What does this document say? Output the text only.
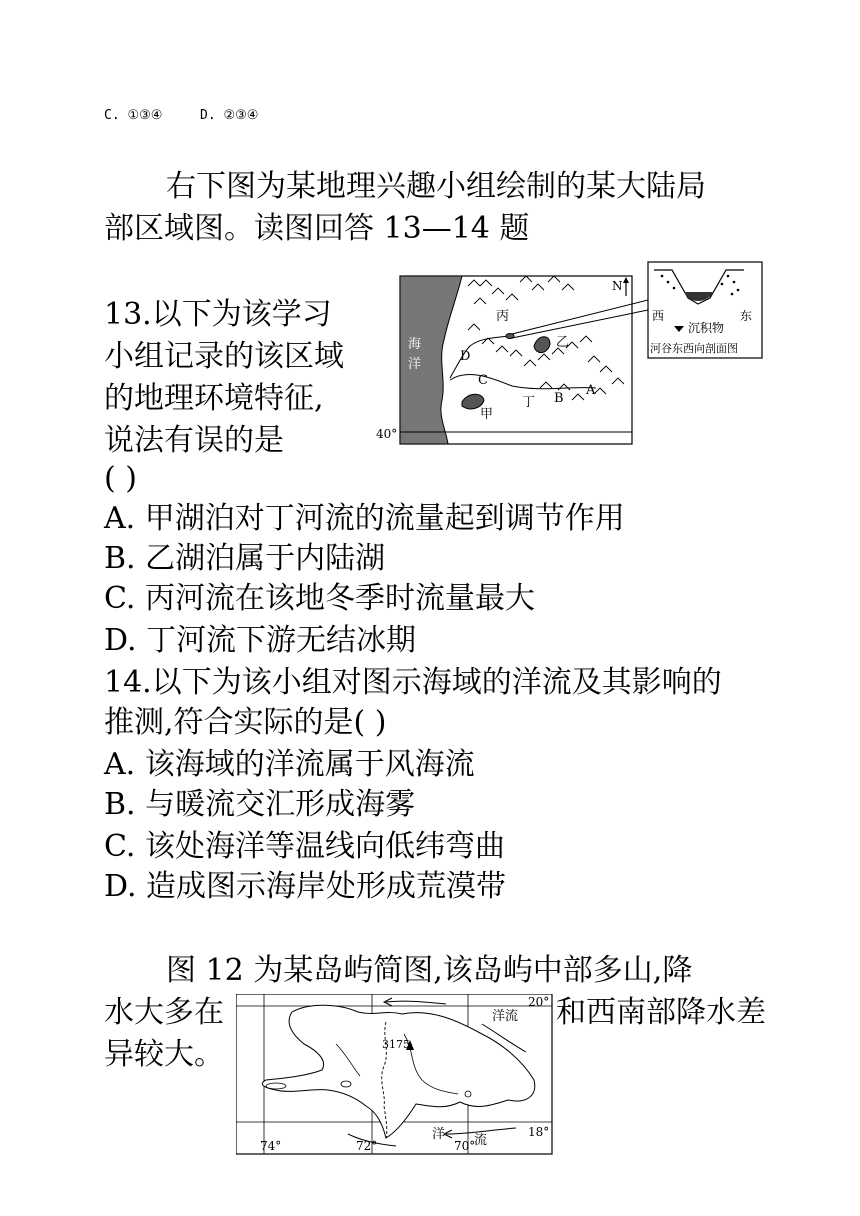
C. ①③④	D. ②③④
右下图为某地理兴趣小组绘制的某大陆局
部区域图。读图回答 13—14 题
13.以下为该学习
小组记录的该区域
的地理环境特征,
说法有误的是
( )
海
洋
40°
N
丙
乙
D
C
甲
丁 B
A
西	东
沉积物
河谷东西向剖面图
A. 甲湖泊对丁河流的流量起到调节作用
B. 乙湖泊属于内陆湖
C. 丙河流在该地冬季时流量最大
D. 丁河流下游无结冰期
14.以下为该小组对图示海域的洋流及其影响的
推测,符合实际的是( )
A. 该海域的洋流属于风海流
B. 与暖流交汇形成海雾
C. 该处海洋等温线向低纬弯曲
D. 造成图示海岸处形成荒漠带
图 12 为某岛屿简图,该岛屿中部多山,降
水大多在	和西南部降水差
异较大。
20°
18°
74°	72°	70°
3175
洋流
洋 流
